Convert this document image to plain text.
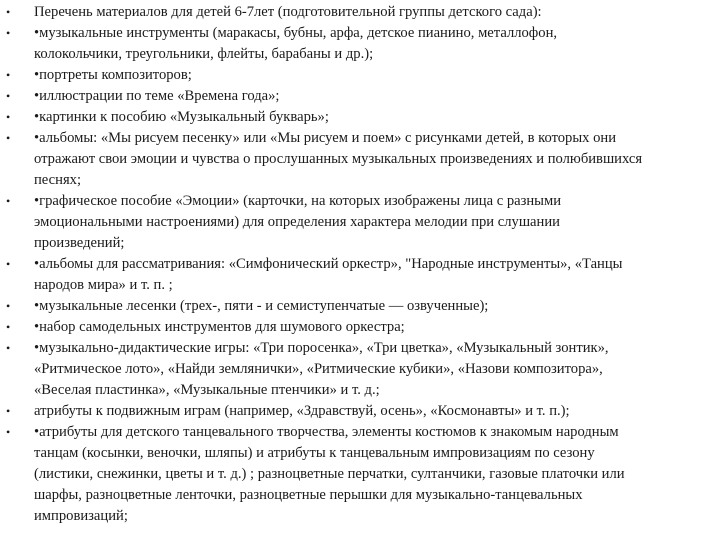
• Перечень материалов для детей 6-7лет (подготовительной группы детского сада):
• •музыкальные инструменты (маракасы, бубны, арфа, детское пианино, металлофон,
колокольчики, треугольники, флейты, барабаны и др.);
• •портреты композиторов;
• •иллюстрации по теме «Времена года»;
• •картинки к пособию «Музыкальный букварь»;
• •альбомы: «Мы рисуем песенку» или «Мы рисуем и поем» с рисунками детей, в которых они
отражают свои эмоции и чувства о прослушанных музыкальных произведениях и полюбившихся
песнях;
• •графическое пособие «Эмоции» (карточки, на которых изображены лица с разными
эмоциональными настроениями) для определения характера мелодии при слушании
произведений;
• •альбомы для рассматривания: «Симфонический оркестр», "Народные инструменты», «Танцы
народов мира» и т. п. ;
• •музыкальные лесенки (трех-, пяти - и семиступенчатые — озвученные);
• •набор самодельных инструментов для шумового оркестра;
• •музыкально-дидактические игры: «Три поросенка», «Три цветка», «Музыкальный зонтик»,
«Ритмическое лото», «Найди землянички», «Ритмические кубики», «Назови композитора»,
«Веселая пластинка», «Музыкальные птенчики» и т. д.;
• атрибуты к подвижным играм (например, «Здравствуй, осень», «Космонавты» и т. п.);
• •атрибуты для детского танцевального творчества, элементы костюмов к знакомым народным
танцам (косынки, веночки, шляпы) и атрибуты к танцевальным импровизациям по сезону
(листики, снежинки, цветы и т. д.) ; разноцветные перчатки, султанчики, газовые платочки или
шарфы, разноцветные ленточки, разноцветные перышки для музыкально-танцевальных
импровизаций;
